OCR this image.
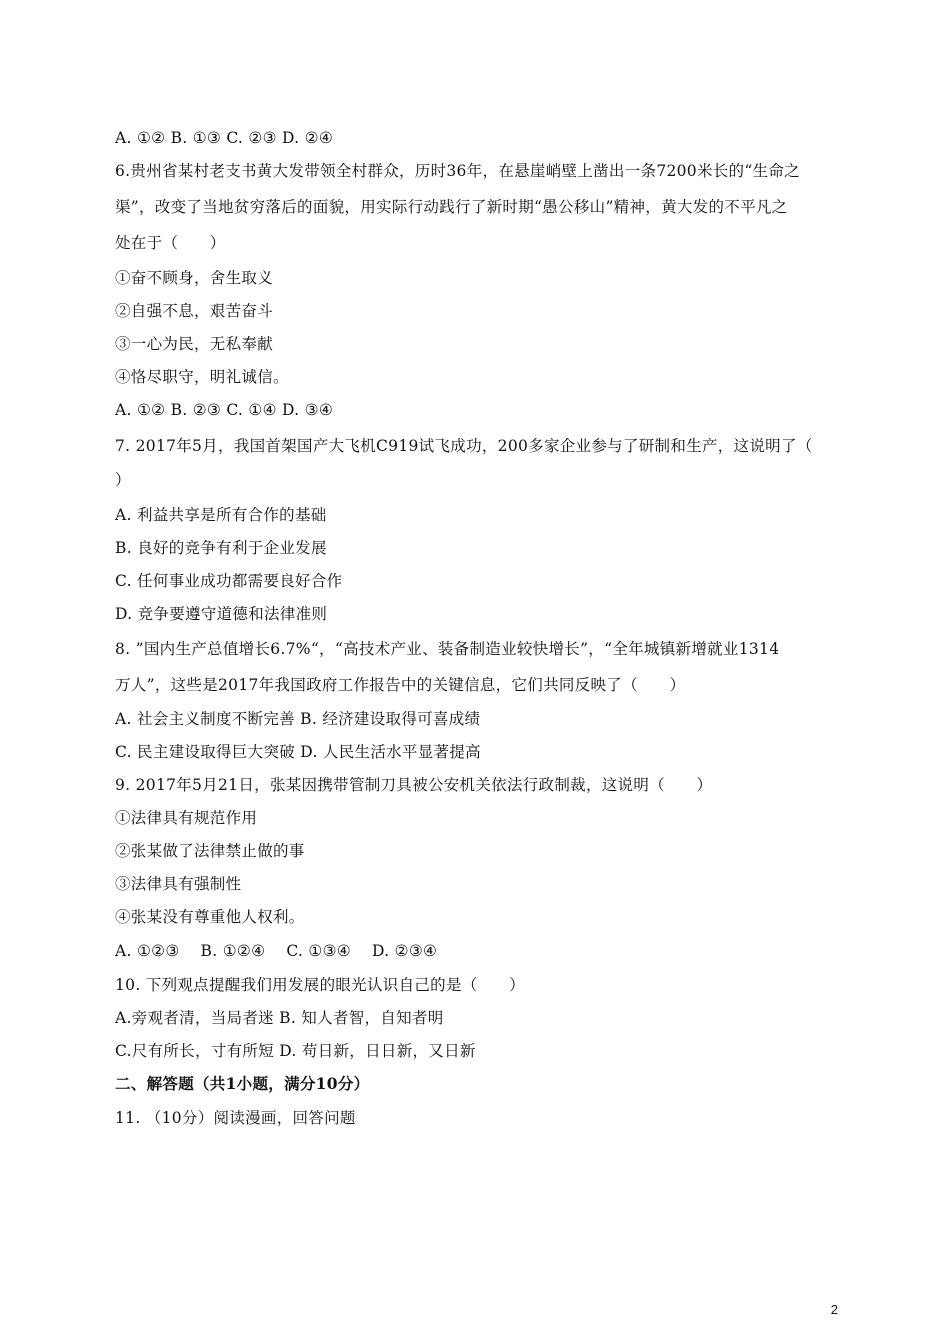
A. ①② B. ①③ C. ②③ D. ②④
6.贵州省某村老支书黄大发带领全村群众，历时36年，在悬崖峭壁上凿出一条7200米长的“生命之
渠”，改变了当地贫穷落后的面貌，用实际行动践行了新时期“愚公移山”精神，黄大发的不平凡之
处在于（　　）
①奋不顾身，舍生取义
②自强不息，艰苦奋斗
③一心为民，无私奉献
④恪尽职守，明礼诚信。
A. ①② B. ②③ C. ①④ D. ③④
7. 2017年5月，我国首架国产大飞机C919试飞成功，200多家企业参与了研制和生产，这说明了（
）
A. 利益共享是所有合作的基础
B. 良好的竞争有利于企业发展
C. 任何事业成功都需要良好合作
D. 竞争要遵守道德和法律准则
8. ”国内生产总值增长6.7%“，“高技术产业、装备制造业较快增长”，“全年城镇新增就业1314
万人”，这些是2017年我国政府工作报告中的关键信息，它们共同反映了（　　）
A. 社会主义制度不断完善 B. 经济建设取得可喜成绩
C. 民主建设取得巨大突破 D. 人民生活水平显著提高
9. 2017年5月21日，张某因携带管制刀具被公安机关依法行政制裁，这说明（　　）
①法律具有规范作用
②张某做了法律禁止做的事
③法律具有强制性
④张某没有尊重他人权利。
A. ①②③　 B. ①②④　 C. ①③④　 D. ②③④
10. 下列观点提醒我们用发展的眼光认识自己的是（　　）
A.旁观者清，当局者迷 B. 知人者智，自知者明
C.尺有所长，寸有所短 D. 苟日新，日日新，又日新
二、解答题（共1小题，满分10分）
11. （10分）阅读漫画，回答问题
2
